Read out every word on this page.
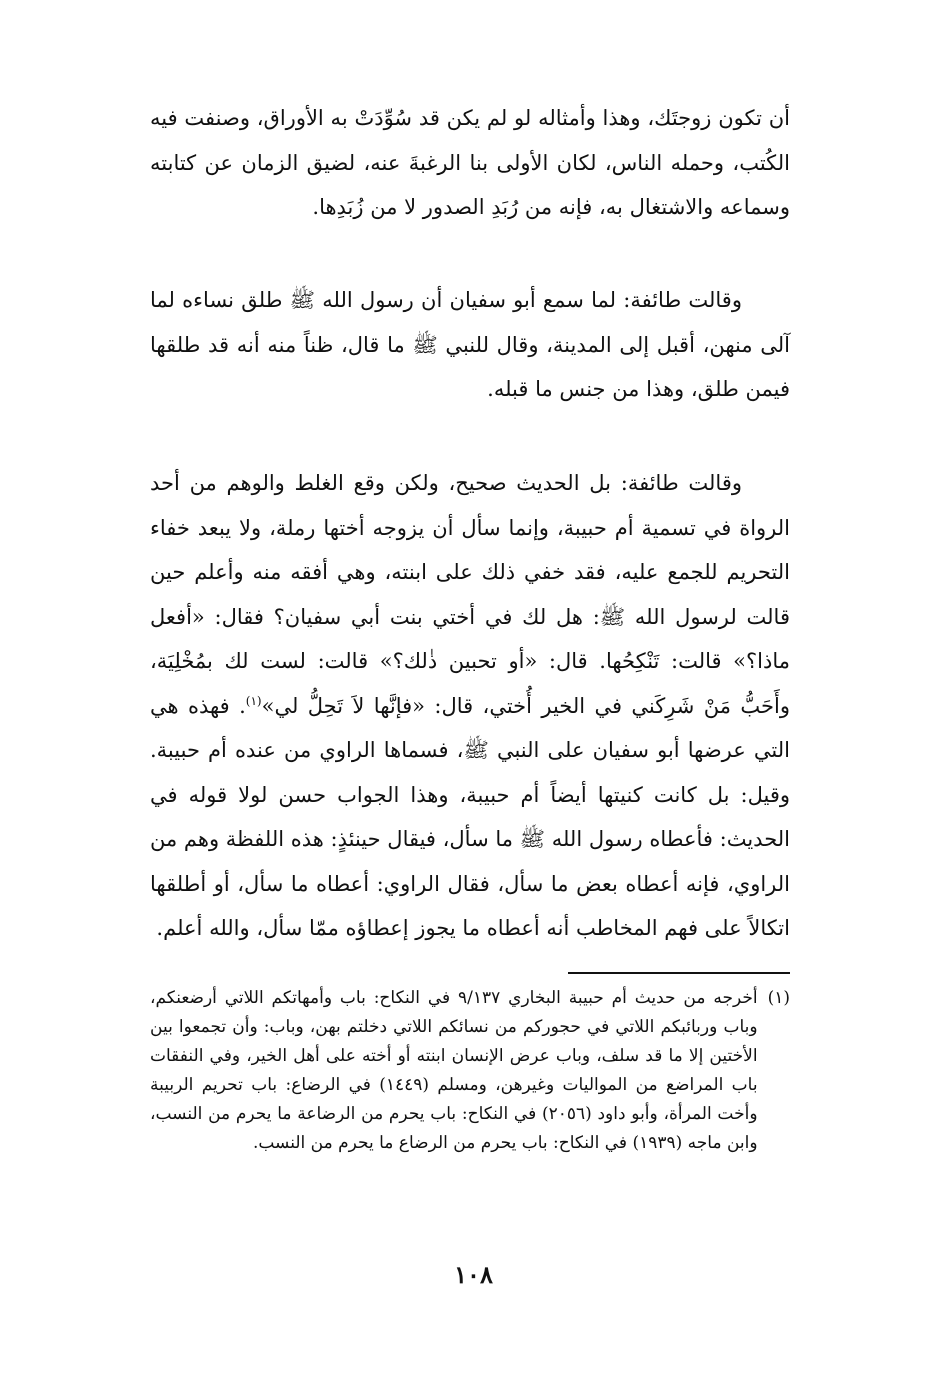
أن تكون زوجتَك، وهذا وأمثاله لو لم يكن قد سُوِّدَتْ به الأوراق، وصنفت فيه الكُتب، وحمله الناس، لكان الأولى بنا الرغبةَ عنه، لضيق الزمان عن كتابته وسماعه والاشتغال به، فإنه من رُبَدِ الصدور لا من زُبَدِها.

وقالت طائفة: لما سمع أبو سفيان أن رسول الله ﷺ طلق نساءه لما آلى منهن، أقبل إلى المدينة، وقال للنبي ﷺ ما قال، ظناً منه أنه قد طلقها فيمن طلق، وهذا من جنس ما قبله.

وقالت طائفة: بل الحديث صحيح، ولكن وقع الغلط والوهم من أحد الرواة في تسمية أم حبيبة، وإنما سأل أن يزوجه أختها رملة، ولا يبعد خفاء التحريم للجمع عليه، فقد خفي ذلك على ابنته، وهي أفقه منه وأعلم حين قالت لرسول الله ﷺ: هل لك في أختي بنت أبي سفيان؟ فقال: «أفعل ماذا؟» قالت: تَنْكِحُها. قال: «أو تحبين ذٰلك؟» قالت: لست لك بمُخْلِيَة، وأَحَبُّ مَنْ شَرِكَني في الخير أُختي، قال: «فإنَّها لاَ تَحِلُّ لي»$^{(١)}$. فهذه هي التي عرضها أبو سفيان على النبي ﷺ، فسماها الراوي من عنده أم حبيبة. وقيل: بل كانت كنيتها أيضاً أم حبيبة، وهذا الجواب حسن لولا قوله في الحديث: فأعطاه رسول الله ﷺ ما سأل، فيقال حينئذٍ: هذه اللفظة وهم من الراوي، فإنه أعطاه بعض ما سأل، فقال الراوي: أعطاه ما سأل، أو أطلقها اتكالاً على فهم المخاطب أنه أعطاه ما يجوز إعطاؤه ممّا سأل، والله أعلم.

(١)

أخرجه من حديث أم حبيبة البخاري ٩/١٣٧ في النكاح: باب وأمهاتكم اللاتي أرضعنكم، وباب وربائبكم اللاتي في حجوركم من نسائكم اللاتي دخلتم بهن، وباب: وأن تجمعوا بين الأختين إلا ما قد سلف، وباب عرض الإنسان ابنته أو أخته على أهل الخير، وفي النفقات باب المراضع من المواليات وغيرهن، ومسلم (١٤٤٩) في الرضاع: باب تحريم الربيبة وأخت المرأة، وأبو داود (٢٠٥٦) في النكاح: باب يحرم من الرضاعة ما يحرم من النسب، وابن ماجه (١٩٣٩) في النكاح: باب يحرم من الرضاع ما يحرم من النسب.

١٠٨
